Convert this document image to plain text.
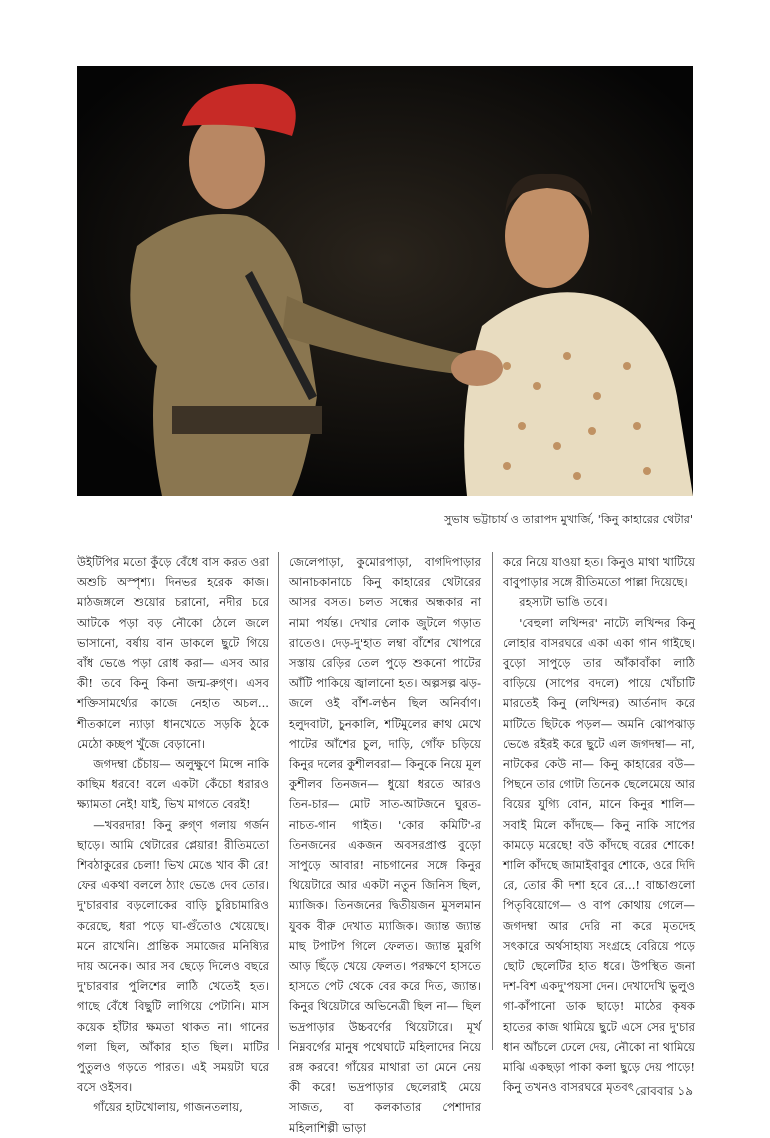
সুভাষ ভট্টাচার্য ও তারাপদ মুখার্জি, 'কিনু কাহারের থেটার'

উইটিপির মতো কুঁড়ে বেঁধে বাস করত ওরা অশুচি অস্পৃশ্য। দিনভর হরেক কাজ। মাঠজঙ্গলে শুয়োর চরানো, নদীর চরে আটকে পড়া বড় নৌকো ঠেলে জলে ভাসানো, বর্ষায় বান ডাকলে ছুটে গিয়ে বাঁধ ভেঙে পড়া রোধ করা— এসব আর কী! তবে কিনু কিনা জন্ম-রুগ্ণ। এসব শক্তিসামর্থ্যের কাজে নেহাত অচল... শীতকালে ন্যাড়া ধানখেতে সড়কি ঠুকে মেঠো কচ্ছপ খুঁজে বেড়ানো।

জগদম্বা চেঁচায়— অলুক্ষুণে মিন্সে নাকি কাছিম ধরবে! বলে একটা কেঁচো ধরারও ক্ষ্যামতা নেই! যাই, ভিখ মাগতে বেরই!

—খবরদার! কিনু রুগ্ণ গলায় গর্জন ছাড়ে। আমি থেটারের প্লেয়ার! রীতিমতো শিবঠাকুরের চেলা! ভিখ মেঙে খাব কী রে! ফের একথা বললে ঠ্যাং ভেঙে দেব তোর। দু'চারবার বড়লোকের বাড়ি চুরিচামারিও করেছে, ধরা পড়ে ঘা-গুঁতোও খেয়েছে। মনে রাখেনি। প্রান্তিক সমাজের মনিষ্যির দায় অনেক। আর সব ছেড়ে দিলেও বছরে দু'চারবার পুলিশের লাঠি খেতেই হত। গাছে বেঁধে বিছুটি লাগিয়ে পেটানি। মাস কয়েক হাঁটার ক্ষমতা থাকত না। গানের গলা ছিল, আঁকার হাত ছিল। মাটির পুতুলও গড়তে পারত। এই সময়টা ঘরে বসে ওইসব।

গাঁয়ের হাটখোলায়, গাজনতলায়,

জেলেপাড়া, কুমোরপাড়া, বাগদিপাড়ার আনাচকানাচে কিনু কাহারের থেটারের আসর বসত। চলত সন্ধের অন্ধকার না নামা পর্যন্ত। দেখার লোক জুটলে গড়াত রাতেও। দেড়-দু'হাত লম্বা বাঁশের খোপরে সস্তায় রেড়ির তেল পুড়ে শুকনো পাটের আঁটি পাকিয়ে জ্বালানো হত। অল্পসল্প ঝড়-জলে ওই বাঁশ-লণ্ঠন ছিল অনির্বাণ। হলুদবাটা, চুনকালি, শটিমুলের ক্বাথ মেখে পাটের আঁশের চুল, দাড়ি, গোঁফ চড়িয়ে কিনুর দলের কুশীলবরা— কিনুকে নিয়ে মূল কুশীলব তিনজন— ধুয়ো ধরতে আরও তিন-চার— মোট সাত-আটজনে ঘুরত-নাচত-গান গাইত। 'কোর কমিটি'-র তিনজনের একজন অবসরপ্রাপ্ত বুড়ো সাপুড়ে আবার! নাচগানের সঙ্গে কিনুর থিয়েটারে আর একটা নতুন জিনিস ছিল, ম্যাজিক। তিনজনের দ্বিতীয়জন মুসলমান যুবক বীরু দেখাত ম্যাজিক। জ্যান্ত জ্যান্ত মাছ টপাটপ গিলে ফেলত। জ্যান্ত মুরগি আড় ছিঁড়ে খেয়ে ফেলত। পরক্ষণে হাসতে হাসতে পেট থেকে বের করে দিত, জ্যান্ত। কিনুর থিয়েটারে অভিনেত্রী ছিল না— ছিল ভদ্রপাড়ার উচ্চবর্ণের থিয়েটারে। মূর্খ নিম্নবর্গের মানুষ পথেঘাটে মহিলাদের নিয়ে রঙ্গ করবে! গাঁয়ের মাথারা তা মেনে নেয় কী করে! ভদ্রপাড়ার ছেলেরাই মেয়ে সাজত, বা কলকাতার পেশাদার মহিলাশিল্পী ভাড়া

করে নিয়ে যাওয়া হত। কিনুও মাথা খাটিয়ে বাবুপাড়ার সঙ্গে রীতিমতো পাল্লা দিয়েছে।

রহস্যটা ভাঙি তবে।

'বেহুলা লখিন্দর' নাট্যে লখিন্দর কিনু লোহার বাসরঘরে একা একা গান গাইছে। বুড়ো সাপুড়ে তার আঁকাবাঁকা লাঠি বাড়িয়ে (সাপের বদলে) পায়ে খোঁচাটি মারতেই কিনু (লখিন্দর) আর্তনাদ করে মাটিতে ছিটকে পড়ল— অমনি ঝোপঝাড় ভেঙে রইরই করে ছুটে এল জগদম্বা— না, নাটকের কেউ না— কিনু কাহারের বউ— পিছনে তার গোটা তিনেক ছেলেমেয়ে আর বিয়ের যুগ্যি বোন, মানে কিনুর শালি— সবাই মিলে কাঁদছে— কিনু নাকি সাপের কামড়ে মরেছে! বউ কাঁদছে বরের শোকে! শালি কাঁদছে জামাইবাবুর শোকে, ওরে দিদি রে, তোর কী দশা হবে রে...! বাচ্চাগুলো পিতৃবিয়োগে— ও বাপ কোথায় গেলে— জগদম্বা আর দেরি না করে মৃতদেহ সৎকারে অর্থসাহায্য সংগ্রহে বেরিয়ে পড়ে ছোট ছেলেটির হাত ধরে। উপস্থিত জনা দশ-বিশ একদু'পয়সা দেন। দেখাদেখি ভুলুও গা-কাঁপানো ডাক ছাড়ে! মাঠের কৃষক হাতের কাজ থামিয়ে ছুটে এসে সের দু'চার ধান আঁচলে ঢেলে দেয়, নৌকো না থামিয়ে মাঝি একছড়া পাকা কলা ছুড়ে দেয় পাড়ে! কিনু তখনও বাসরঘরে মৃতবৎ রোববার ১৯
